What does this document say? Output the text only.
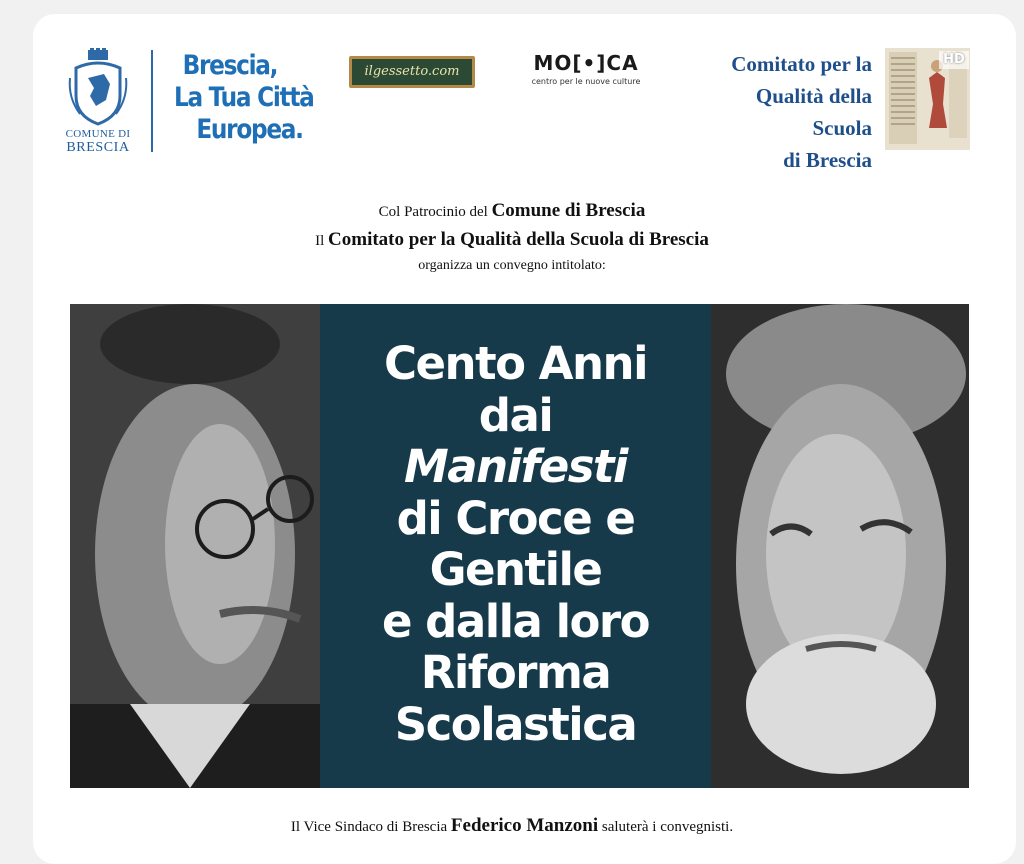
COMUNE DI
BRESCIA
Brescia,
La Tua Città
Europea.
ilgessetto.com	MO[•]CA
centro per le nuove culture
Comitato per la
Qualità della
Scuola
di Brescia
HD
Col Patrocinio del Comune di Brescia
Il Comitato per la Qualità della Scuola di Brescia
organizza un convegno intitolato:
Cento Anni
dai
Manifesti
di Croce e
Gentile
e dalla loro
Riforma
Scolastica
Il Vice Sindaco di Brescia Federico Manzoni saluterà i convegnisti.
